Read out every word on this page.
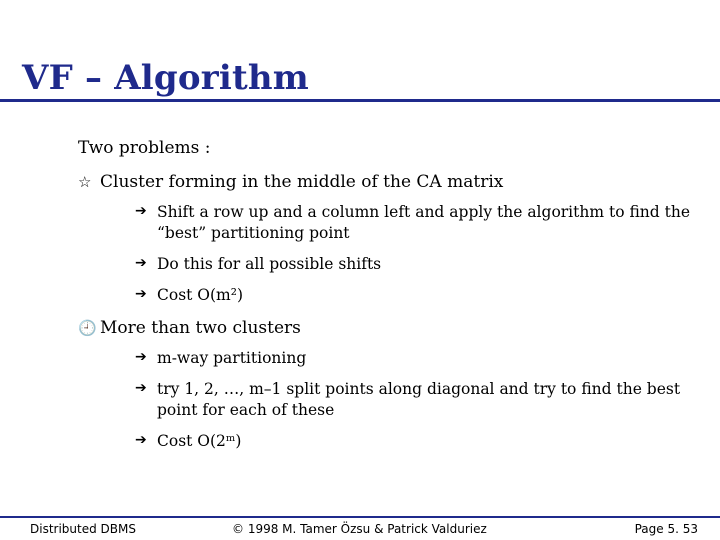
VF – Algorithm

Two problems :

☆ Cluster forming in the middle of the CA matrix
➔ Shift a row up and a column left and apply the algorithm to find the “best” partitioning point
➔ Do this for all possible shifts
➔ Cost O(m²)
🕘 More than two clusters
➔ m-way partitioning
➔ try 1, 2, …, m–1 split points along diagonal and try to find the best point for each of these
➔ Cost O(2ᵐ)
Distributed DBMS	© 1998 M. Tamer Özsu & Patrick Valduriez	Page 5. 53
